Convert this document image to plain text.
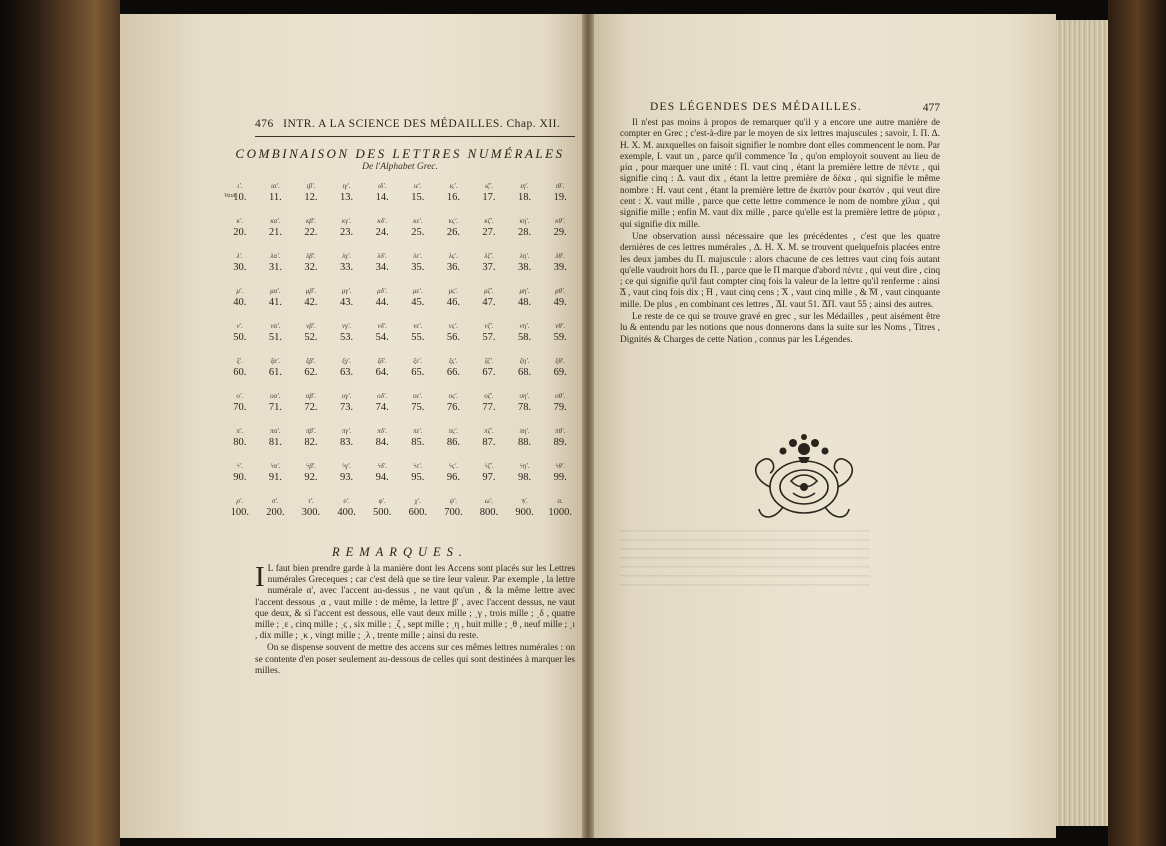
476 INTR. A LA SCIENCE DES MÉDAILLES. Chap. XII.
COMBINAISON DES LETTRES NUMÉRALES
De l'Alphabet Grec.
Vaut
ι'.
10.
ια'.
11.
ιβ'.
12.
ιγ'.
13.
ιδ'.
14.
ιε'.
15.
ις'.
16.
ιζ'.
17.
ιη'.
18.
ιθ'.
19.
κ'.
20.
κα'.
21.
κβ'.
22.
κγ'.
23.
κδ'.
24.
κε'.
25.
κς'.
26.
κζ'.
27.
κη'.
28.
κθ'.
29.
λ'.
30.
λα'.
31.
λβ'.
32.
λγ'.
33.
λδ'.
34.
λε'.
35.
λς'.
36.
λζ'.
37.
λη'.
38.
λθ'.
39.
μ'.
40.
μα'.
41.
μβ'.
42.
μγ'.
43.
μδ'.
44.
με'.
45.
μς'.
46.
μζ'.
47.
μη'.
48.
μθ'.
49.
ν'.
50.
να'.
51.
νβ'.
52.
νγ'.
53.
νδ'.
54.
νε'.
55.
νς'.
56.
νζ'.
57.
νη'.
58.
νθ'.
59.
ξ'.
60.
ξα'.
61.
ξβ'.
62.
ξγ'.
63.
ξδ'.
64.
ξε'.
65.
ξς'.
66.
ξζ'.
67.
ξη'.
68.
ξθ'.
69.
ο'.
70.
οα'.
71.
οβ'.
72.
ογ'.
73.
οδ'.
74.
οε'.
75.
ος'.
76.
οζ'.
77.
οη'.
78.
οθ'.
79.
π'.
80.
πα'.
81.
πβ'.
82.
πγ'.
83.
πδ'.
84.
πε'.
85.
πς'.
86.
πζ'.
87.
πη'.
88.
πθ'.
89.
ϟ'.
90.
ϟα'.
91.
ϟβ'.
92.
ϟγ'.
93.
ϟδ'.
94.
ϟε'.
95.
ϟς'.
96.
ϟζ'.
97.
ϟη'.
98.
ϟθ'.
99.
ρ'.
100.
σ'.
200.
τ'.
300.
υ'.
400.
φ'.
500.
χ'.
600.
ψ'.
700.
ω'.
800.
ϡ'.
900.
α.
1000.
REMARQUES.
I L faut bien prendre garde à la manière dont les Accens sont placés sur les Lettres numérales Greceques ; car c'est delà que se tire leur valeur. Par exemple , la lettre numérale α', avec l'accent au-dessus , ne vaut qu'un , & la même lettre avec l'accent dessous ͵α , vaut mille : de même, la lettre β' , avec l'accent dessus, ne vaut que deux, & si l'accent est dessous, elle vaut deux mille ; ͵γ , trois mille ; ͵δ , quatre mille ; ͵ε , cinq mille ; ͵ς , six mille ; ͵ζ , sept mille ; ͵η , huit mille ; ͵θ , neuf mille ; ͵ι , dix mille ; ͵κ , vingt mille ; ͵λ , trente mille ; ainsi du reste.

On se dispense souvent de mettre des accens sur ces mêmes lettres numérales : on se contente d'en poser seulement au-dessous de celles qui sont destinées à marquer les milles.

DES LÉGENDES DES MÉDAILLES.	477

Il n'est pas moins à propos de remarquer qu'il y a encore une autre manière de compter en Grec ; c'est-à-dire par le moyen de six lettres majuscules ; savoir, I. Π. Δ. H. X. M. auxquelles on faisoit signifier le nombre dont elles commencent le nom. Par exemple, I. vaut un , parce qu'il commence Ἰα , qu'on employoit souvent au lieu de μία , pour marquer une unité : Π. vaut cinq , étant la première lettre de πέντε , qui signifie cinq : Δ. vaut dix , étant la lettre première de δέκα , qui signifie le même nombre : H. vaut cent , étant la première lettre de ἑκατὸν pour ἑκατόν , qui veut dire cent : X. vaut mille , parce que cette lettre commence le nom de nombre χίλια , qui signifie mille ; enfin M. vaut dix mille , parce qu'elle est la première lettre de μύρια , qui signifie dix mille.

Une observation aussi nécessaire que les précédentes , c'est que les quatre dernières de ces lettres numérales , Δ. H. X. M. se trouvent quelquefois placées entre les deux jambes du Π. majuscule : alors chacune de ces lettres vaut cinq fois autant qu'elle vaudroit hors du Π. , parce que le Π marque d'abord πέντε , qui veut dire , cinq ; ce qui signifie qu'il faut compter cinq fois la valeur de la lettre qu'il renferme : ainsi ͞Δ , vaut cinq fois dix ; ͞H , vaut cinq cens ; ͞X , vaut cinq mille , & ͞M , vaut cinquante mille. De plus , en combinant ces lettres , ͞ΔI. vaut 51. ͞ΔΠ. vaut 55 ; ainsi des autres.

Le reste de ce qui se trouve gravé en grec , sur les Médailles , peut aisément être lu & entendu par les notions que nous donnerons dans la suite sur les Noms , Titres , Dignités & Charges de cette Nation , connus par les Légendes.
